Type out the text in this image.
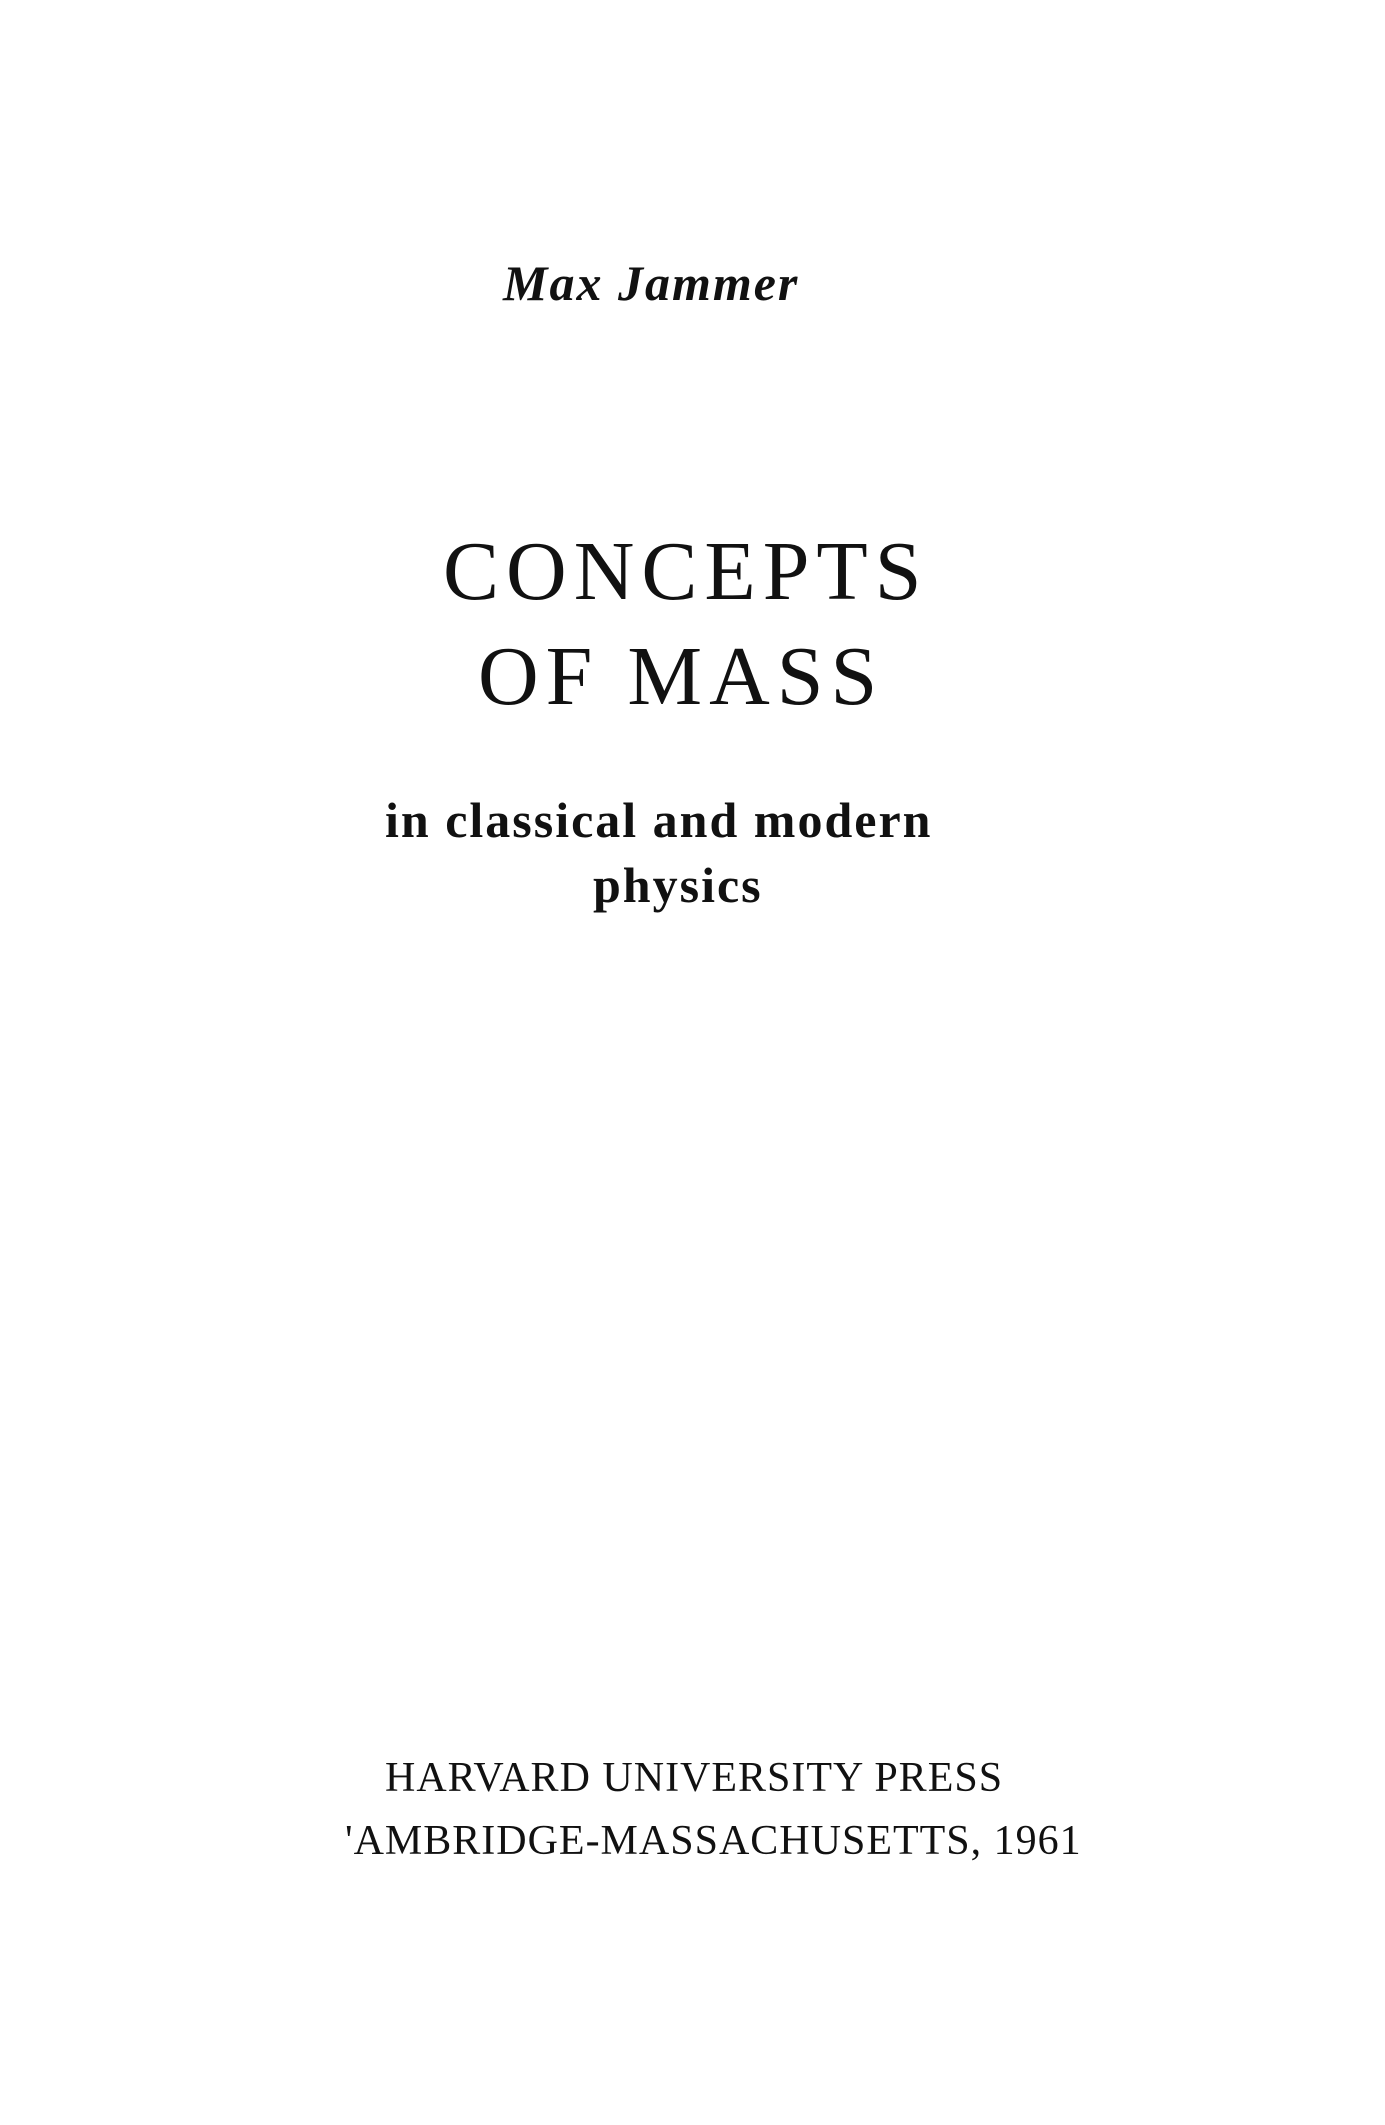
Max Jammer
CONCEPTS
OF MASS
in classical and modern
physics
HARVARD UNIVERSITY PRESS
'AMBRIDGE-MASSACHUSETTS, 1961
